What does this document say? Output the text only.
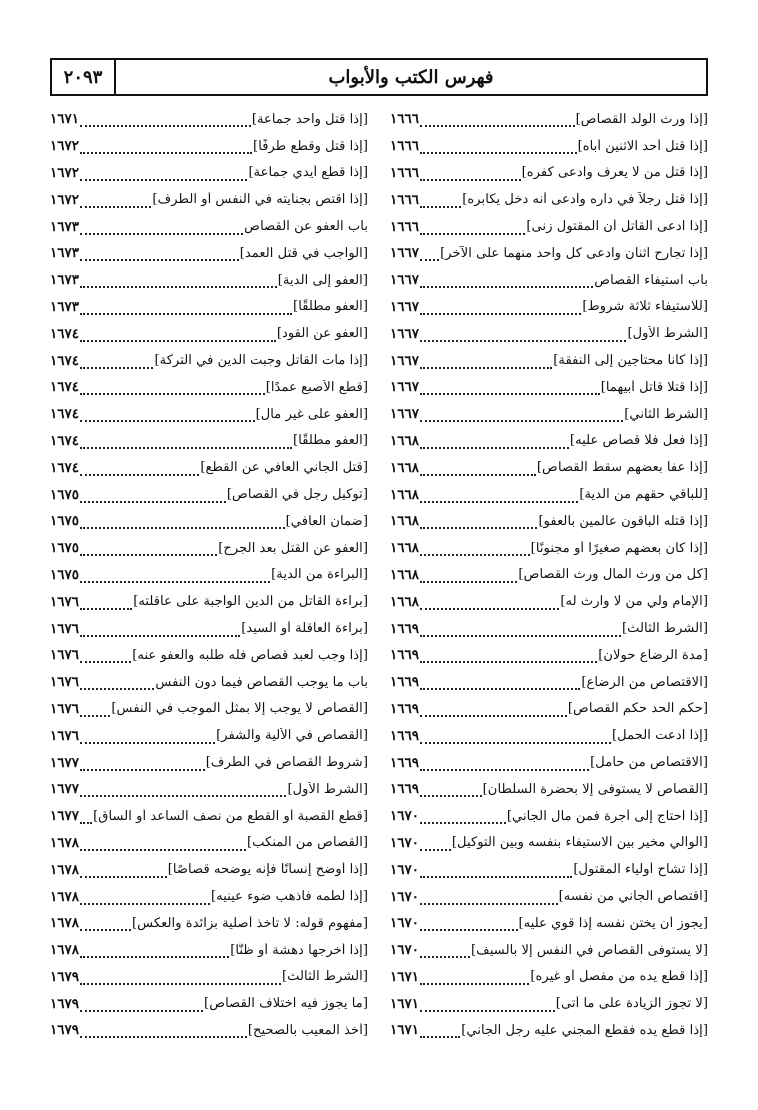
٢٠٩٣	فهرس الكتب والأبواب
[إذا ورث الولد القصاص]
١٦٦٦
[إذا قتل أحد الاثنين أباه]
١٦٦٦
[إذا قتل من لا يعرف وادعى كفره]
١٦٦٦
[إذا قتل رجلاً في داره وادعى أنه دخل يكابره]
١٦٦٦
[إذا ادعى القاتل أن المقتول زنى]
١٦٦٦
[إذا تجارح اثنان وادعى كل واحد منهما على الآخر]
١٦٦٧
باب استيفاء القصاص
١٦٦٧
[للاستيفاء ثلاثة شروط]
١٦٦٧
[الشرط الأول]
١٦٦٧
[إذا كانا محتاجين إلى النفقة]
١٦٦٧
[إذا قتلا قاتل أبيهما]
١٦٦٧
[الشرط الثاني]
١٦٦٧
[إذا فعل فلا قصاص عليه]
١٦٦٨
[إذا عفا بعضهم سقط القصاص]
١٦٦٨
[للباقي حقهم من الدية]
١٦٦٨
[إذا قتله الباقون عالمين بالعفو]
١٦٦٨
[إذا كان بعضهم صغيرًا أو مجنونًا]
١٦٦٨
[كل من ورث المال ورث القصاص]
١٦٦٨
[الإمام ولي من لا وارث له]
١٦٦٨
[الشرط الثالث]
١٦٦٩
[مدة الرضاع حولان]
١٦٦٩
[الاقتصاص من الرضاع]
١٦٦٩
[حكم الحد حكم القصاص]
١٦٦٩
[إذا ادعت الحمل]
١٦٦٩
[الاقتصاص من حامل]
١٦٦٩
[القصاص لا يستوفى إلا بحضرة السلطان]
١٦٦٩
[إذا احتاج إلى أجرة فمن مال الجاني]
١٦٧٠
[الوالي مخير بين الاستيفاء بنفسه وبين التوكيل]
١٦٧٠
[إذا تشاح أولياء المقتول]
١٦٧٠
[اقتصاص الجاني من نفسه]
١٦٧٠
[يجوز أن يختن نفسه إذا قوي عليه]
١٦٧٠
[لا يستوفى القصاص في النفس إلا بالسيف]
١٦٧٠
[إذا قطع يده من مفصل أو غيره]
١٦٧١
[لا تجوز الزيادة على ما أتى]
١٦٧١
[إذا قطع يده فقطع المجني عليه رجل الجاني]
١٦٧١
[إذا قتل واحد جماعة]
١٦٧١
[إذا قتل وقطع طرفًا]
١٦٧٢
[إذا قطع أيدي جماعة]
١٦٧٢
[إذا اقتص بجنايته في النفس أو الطرف]
١٦٧٢
باب العفو عن القصاص
١٦٧٣
[الواجب في قتل العمد]
١٦٧٣
[العفو إلى الدية]
١٦٧٣
[العفو مطلقًا]
١٦٧٣
[العفو عن القود]
١٦٧٤
[إذا مات القاتل وجبت الدين في التركة]
١٦٧٤
[قطع الأصبع عمدًا]
١٦٧٤
[العفو على غير مال]
١٦٧٤
[العفو مطلقًا]
١٦٧٤
[قتل الجاني العافي عن القطع]
١٦٧٤
[توكيل رجل في القصاص]
١٦٧٥
[ضمان العافي]
١٦٧٥
[العفو عن القتل بعد الجرح]
١٦٧٥
[البراءة من الدية]
١٦٧٥
[براءة القاتل من الدين الواجبة على عاقلته]
١٦٧٦
[براءة العاقلة أو السيد]
١٦٧٦
[إذا وجب لعبد قصاص فله طلبه والعفو عنه]
١٦٧٦
باب ما يوجب القصاص فيما دون النفس
١٦٧٦
[القصاص لا يوجب إلا بمثل الموجب في النفس]
١٦٧٦
[القصاص في الألية والشفر]
١٦٧٦
[شروط القصاص في الطرف]
١٦٧٧
[الشرط الأول]
١٦٧٧
[قطع القصبة أو القطع من نصف الساعد أو الساق]
١٦٧٧
[القصاص من المنكب]
١٦٧٨
[إذا أوضح إنسانًا فإنه يوضحه قصاصًا]
١٦٧٨
[إذا لطمه فأذهب ضوء عينيه]
١٦٧٨
[مفهوم قوله: لا تأخذ أصلية بزائدة والعكس]
١٦٧٨
[إذا أخرجها دهشة أو ظنًّا]
١٦٧٨
[الشرط الثالث]
١٦٧٩
[ما يجوز فيه اختلاف القصاص]
١٦٧٩
[أخذ المعيب بالصحيح]
١٦٧٩
